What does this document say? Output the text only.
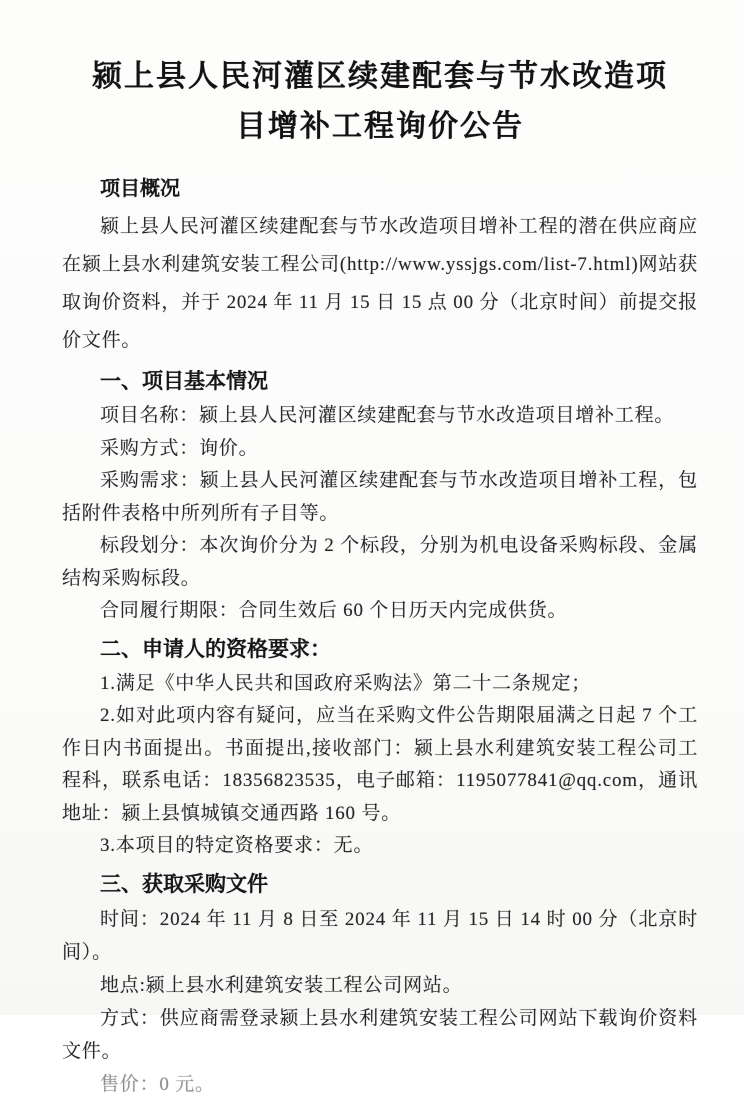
颍上县人民河灌区续建配套与节水改造项
目增补工程询价公告
项目概况

颍上县人民河灌区续建配套与节水改造项目增补工程的潜在供应商应在颍上县水利建筑安装工程公司(http://www.yssjgs.com/list-7.html)网站获取询价资料，并于 2024 年 11 月 15 日 15 点 00 分（北京时间）前提交报价文件。

一、项目基本情况

项目名称：颍上县人民河灌区续建配套与节水改造项目增补工程。

采购方式：询价。

采购需求：颍上县人民河灌区续建配套与节水改造项目增补工程，包括附件表格中所列所有子目等。

标段划分：本次询价分为 2 个标段，分别为机电设备采购标段、金属结构采购标段。

合同履行期限：合同生效后 60 个日历天内完成供货。

二、申请人的资格要求：

1.满足《中华人民共和国政府采购法》第二十二条规定；

2.如对此项内容有疑问，应当在采购文件公告期限届满之日起 7 个工作日内书面提出。书面提出,接收部门：颍上县水利建筑安装工程公司工程科，联系电话：18356823535，电子邮箱：1195077841@qq.com，通讯地址：颍上县慎城镇交通西路 160 号。

3.本项目的特定资格要求：无。

三、获取采购文件

时间：2024 年 11 月 8 日至 2024 年 11 月 15 日 14 时 00 分（北京时间）。

地点:颍上县水利建筑安装工程公司网站。

方式：供应商需登录颍上县水利建筑安装工程公司网站下载询价资料文件。

售价：0 元。
